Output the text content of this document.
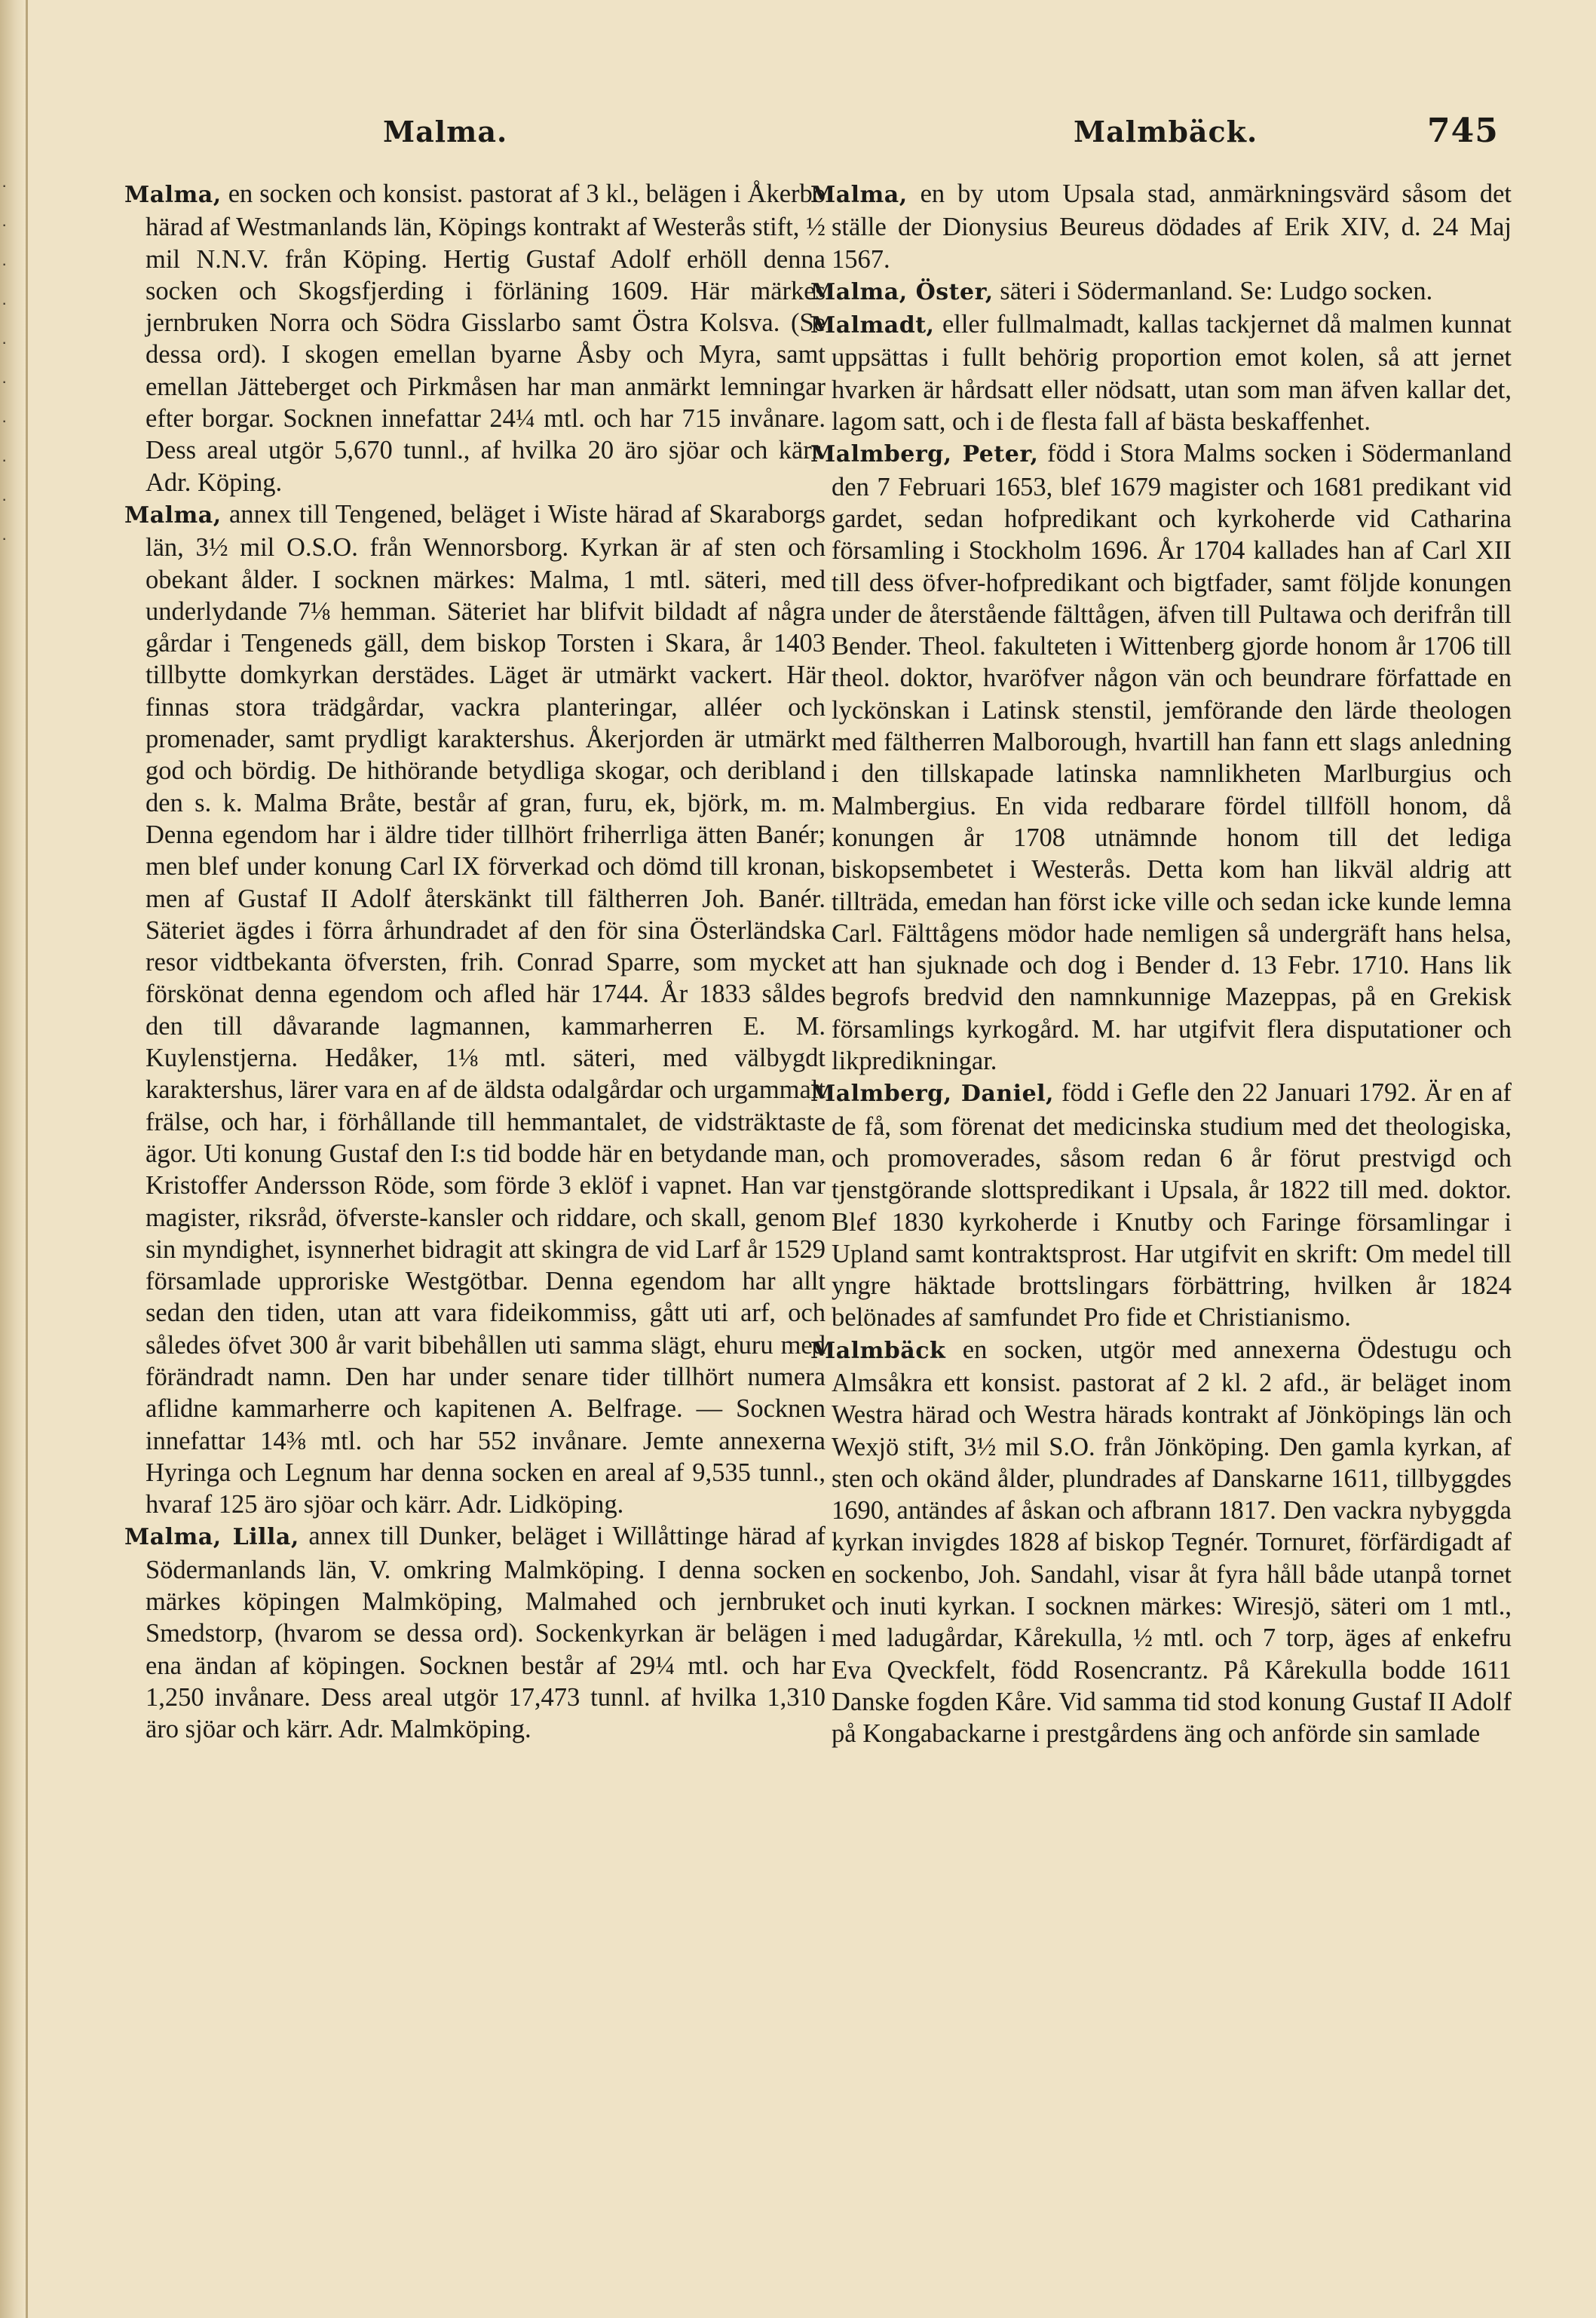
·
·
·
·
·
·
·
·
·
·
Malma.	Malmbäck.	745

Malma, en socken och konsist. pastorat af 3 kl., belägen i Åkerbo härad af Westmanlands län, Köpings kontrakt af Westerås stift, ½ mil N.N.V. från Köping. Hertig Gustaf Adolf erhöll denna socken och Skogsfjerding i förläning 1609. Här märkes jernbruken Norra och Södra Gisslarbo samt Östra Kolsva. (Se dessa ord). I skogen emellan byarne Åsby och Myra, samt emellan Jätteberget och Pirkmåsen har man anmärkt lemningar efter borgar. Socknen innefattar 24¼ mtl. och har 715 invånare. Dess areal utgör 5,670 tunnl., af hvilka 20 äro sjöar och kärr. Adr. Köping.

Malma, annex till Tengened, beläget i Wiste härad af Skaraborgs län, 3½ mil O.S.O. från Wennorsborg. Kyrkan är af sten och obekant ålder. I socknen märkes: Malma, 1 mtl. säteri, med underlydande 7⅛ hemman. Säteriet har blifvit bildadt af några gårdar i Tengeneds gäll, dem biskop Torsten i Skara, år 1403 tillbytte domkyrkan derstädes. Läget är utmärkt vackert. Här finnas stora trädgårdar, vackra planteringar, alléer och promenader, samt prydligt karaktershus. Åkerjorden är utmärkt god och bördig. De hithörande betydliga skogar, och deribland den s. k. Malma Bråte, består af gran, furu, ek, björk, m. m. Denna egendom har i äldre tider tillhört friherrliga ätten Banér; men blef under konung Carl IX förverkad och dömd till kronan, men af Gustaf II Adolf återskänkt till fältherren Joh. Banér. Säteriet ägdes i förra århundradet af den för sina Österländska resor vidtbekanta öfversten, frih. Conrad Sparre, som mycket förskönat denna egendom och afled här 1744. År 1833 såldes den till dåvarande lagmannen, kammarherren E. M. Kuylenstjerna. Hedåker, 1⅛ mtl. säteri, med välbygdt karaktershus, lärer vara en af de äldsta odalgårdar och urgammalt frälse, och har, i förhållande till hemmantalet, de vidsträktaste ägor. Uti konung Gustaf den I:s tid bodde här en betydande man, Kristoffer Andersson Röde, som förde 3 eklöf i vapnet. Han var magister, riksråd, öfverste-kansler och riddare, och skall, genom sin myndighet, isynnerhet bidragit att skingra de vid Larf år 1529 församlade upproriske Westgötbar. Denna egendom har allt sedan den tiden, utan att vara fideikommiss, gått uti arf, och således öfvet 300 år varit bibehållen uti samma slägt, ehuru med förändradt namn. Den har under senare tider tillhört numera aflidne kammarherre och kapitenen A. Belfrage. — Socknen innefattar 14⅜ mtl. och har 552 invånare. Jemte annexerna Hyringa och Legnum har denna socken en areal af 9,535 tunnl., hvaraf 125 äro sjöar och kärr. Adr. Lidköping.

Malma, Lilla, annex till Dunker, beläget i Willåttinge härad af Södermanlands län, V. omkring Malmköping. I denna socken märkes köpingen Malmköping, Malmahed och jernbruket Smedstorp, (hvarom se dessa ord). Sockenkyrkan är belägen i ena ändan af köpingen. Socknen består af 29¼ mtl. och har 1,250 invånare. Dess areal utgör 17,473 tunnl. af hvilka 1,310 äro sjöar och kärr. Adr. Malmköping.

Malma, en by utom Upsala stad, anmärkningsvärd såsom det ställe der Dionysius Beureus dödades af Erik XIV, d. 24 Maj 1567.

Malma, Öster, säteri i Södermanland. Se: Ludgo socken.

Malmadt, eller fullmalmadt, kallas tackjernet då malmen kunnat uppsättas i fullt behörig proportion emot kolen, så att jernet hvarken är hårdsatt eller nödsatt, utan som man äfven kallar det, lagom satt, och i de flesta fall af bästa beskaffenhet.

Malmberg, Peter, född i Stora Malms socken i Södermanland den 7 Februari 1653, blef 1679 magister och 1681 predikant vid gardet, sedan hofpredikant och kyrkoherde vid Catharina församling i Stockholm 1696. År 1704 kallades han af Carl XII till dess öfver-hofpredikant och bigtfader, samt följde konungen under de återstående fälttågen, äfven till Pultawa och derifrån till Bender. Theol. fakulteten i Wittenberg gjorde honom år 1706 till theol. doktor, hvaröfver någon vän och beundrare författade en lyckönskan i Latinsk stenstil, jemförande den lärde theologen med fältherren Malborough, hvartill han fann ett slags anledning i den tillskapade latinska namnlikheten Marlburgius och Malmbergius. En vida redbarare fördel tillföll honom, då konungen år 1708 utnämnde honom till det lediga biskopsembetet i Westerås. Detta kom han likväl aldrig att tillträda, emedan han först icke ville och sedan icke kunde lemna Carl. Fälttågens mödor hade nemligen så undergräft hans helsa, att han sjuknade och dog i Bender d. 13 Febr. 1710. Hans lik begrofs bredvid den namnkunnige Mazeppas, på en Grekisk församlings kyrkogård. M. har utgifvit flera disputationer och likpredikningar.

Malmberg, Daniel, född i Gefle den 22 Januari 1792. Är en af de få, som förenat det medicinska studium med det theologiska, och promoverades, såsom redan 6 år förut prestvigd och tjenstgörande slottspredikant i Upsala, år 1822 till med. doktor. Blef 1830 kyrkoherde i Knutby och Faringe församlingar i Upland samt kontraktsprost. Har utgifvit en skrift: Om medel till yngre häktade brottslingars förbättring, hvilken år 1824 belönades af samfundet Pro fide et Christianismo.

Malmbäck en socken, utgör med annexerna Ödestugu och Almsåkra ett konsist. pastorat af 2 kl. 2 afd., är beläget inom Westra härad och Westra härads kontrakt af Jönköpings län och Wexjö stift, 3½ mil S.O. från Jönköping. Den gamla kyrkan, af sten och okänd ålder, plundrades af Danskarne 1611, tillbyggdes 1690, antändes af åskan och afbrann 1817. Den vackra nybyggda kyrkan invigdes 1828 af biskop Tegnér. Tornuret, förfärdigadt af en sockenbo, Joh. Sandahl, visar åt fyra håll både utanpå tornet och inuti kyrkan. I socknen märkes: Wiresjö, säteri om 1 mtl., med ladugårdar, Kårekulla, ½ mtl. och 7 torp, äges af enkefru Eva Qveckfelt, född Rosencrantz. På Kårekulla bodde 1611 Danske fogden Kåre. Vid samma tid stod konung Gustaf II Adolf på Kongabackarne i prestgårdens äng och anförde sin samlade
